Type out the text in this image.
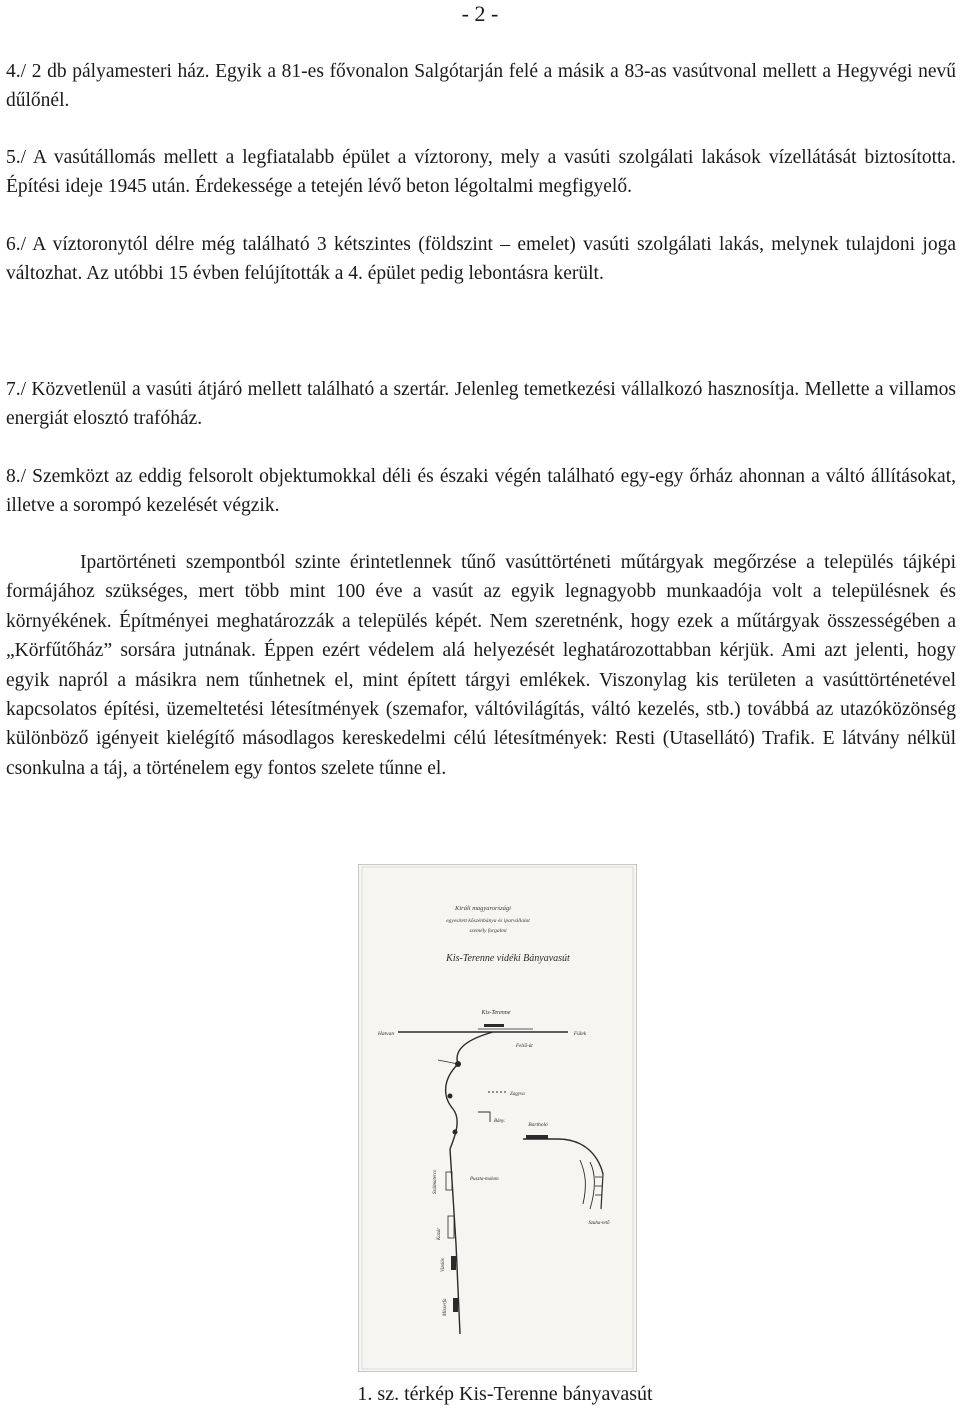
- 2 -

4./ 2 db pályamesteri ház. Egyik a 81-es fővonalon Salgótarján felé a másik a 83-as vasútvonal mellett a Hegyvégi nevű dűlőnél.

5./ A vasútállomás mellett a legfiatalabb épület a víztorony, mely a vasúti szolgálati lakások vízellátását biztosította. Építési ideje 1945 után. Érdekessége a tetején lévő beton légoltalmi megfigyelő.

6./ A víztoronytól délre még található 3 kétszintes (földszint – emelet) vasúti szolgálati lakás, melynek tulajdoni joga változhat. Az utóbbi 15 évben felújították a 4. épület pedig lebontásra került.

7./ Közvetlenül a vasúti átjáró mellett található a szertár. Jelenleg temetkezési vállalkozó hasznosítja. Mellette a villamos energiát elosztó trafóház.

8./ Szemközt az eddig felsorolt objektumokkal déli és északi végén található egy-egy őrház ahonnan a váltó állításokat, illetve a sorompó kezelését végzik.

Ipartörténeti szempontból szinte érintetlennek tűnő vasúttörténeti műtárgyak megőrzése a település tájképi formájához szükséges, mert több mint 100 éve a vasút az egyik legnagyobb munkaadója volt a településnek és környékének. Építményei meghatározzák a település képét. Nem szeretnénk, hogy ezek a műtárgyak összességében a „Körfűtőház” sorsára jutnának. Éppen ezért védelem alá helyezését leghatározottabban kérjük. Ami azt jelenti, hogy egyik napról a másikra nem tűnhetnek el, mint épített tárgyi emlékek. Viszonylag kis területen a vasúttörténetével kapcsolatos építési, üzemeltetési létesítmények (szemafor, váltóvilágítás, váltó kezelés, stb.) továbbá az utazóközönség különböző igényeit kielégítő másodlagos kereskedelmi célú létesítmények: Resti (Utasellátó) Trafik. E látvány nélkül csonkulna a táj, a történelem egy fontos szelete tűnne el.

Királi magyarországi
egyesített kőszénbánya és iparvállalat
személy forgalmi
Kis-Terenne vidéki Bányavasút
Kis-Terenne
Hatvan	Fülek
Felső-út
Szálmatercs
Kazár
Vizslás
Mizserfa
Zagyva
Bány.
Bartholó
Szuha-tető
Puszta-malom
1. sz. térkép Kis-Terenne bányavasút
